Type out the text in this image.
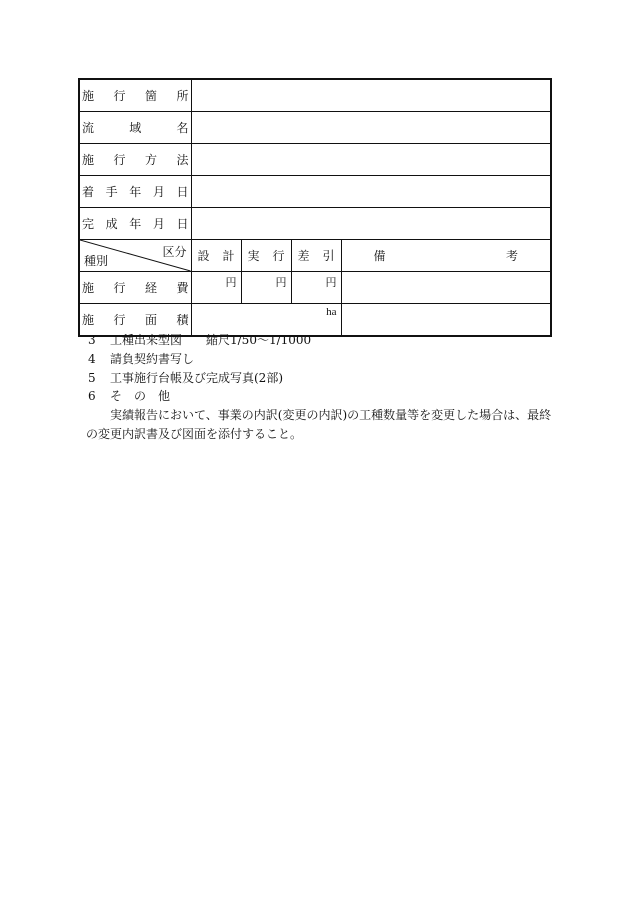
施 行 箇 所				

流 域 名				

施 行 方 法				

着 手 年 月 日				

完 成 年 月 日				

区分
種別	設 計	実 行	差 引	備 考

施 行 経 費	円	円	円	

施 行 面 積	ha			

3 工種出来型図　　縮尺1/50〜1/1000
4 請負契約書写し
5 工事施行台帳及び完成写真(2部)
6 そ　の　他
実績報告において、事業の内訳(変更の内訳)の工種数量等を変更した場合は、最終
の変更内訳書及び図面を添付すること。
